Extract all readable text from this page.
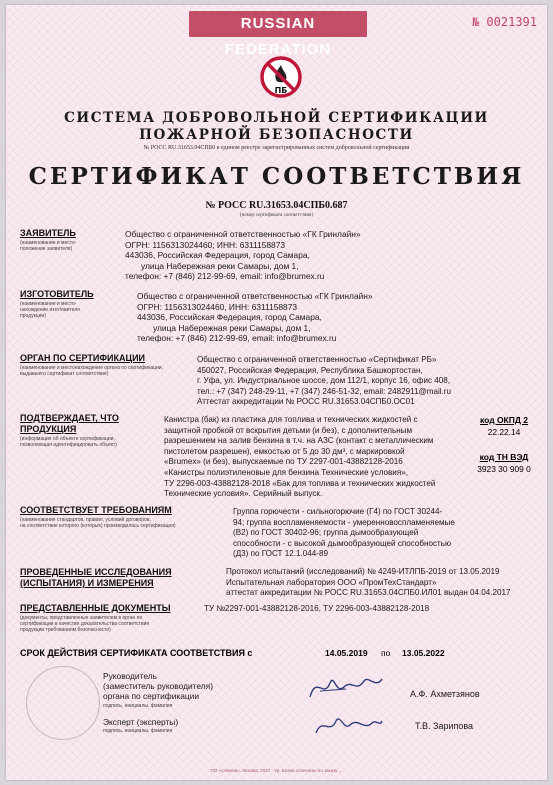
RUSSIAN FEDERATION
№ 0021391
ПБ
СИСТЕМА ДОБРОВОЛЬНОЙ СЕРТИФИКАЦИИ
ПОЖАРНОЙ БЕЗОПАСНОСТИ
№ РОСС RU.31653.04СПБ0 в едином реестре зарегистрированных систем добровольной сертификации
СЕРТИФИКАТ СООТВЕТСТВИЯ
№ РОСС RU.31653.04СПБ0.687
(номер сертификата соответствия)
ЗАЯВИТЕЛЬ
(наименование и место-
положение заявителя)
Общество с ограниченной ответственностью «ГК Гринлайн»
ОГРН: 1156313024460; ИНН: 6311158873
443036, Российская Федерация, город Самара,
улица Набережная реки Самары, дом 1,
телефон: +7 (846) 212-99-69, email: info@brumex.ru
ИЗГОТОВИТЕЛЬ
(наименование и место-
нахождение изготовителя
продукции)
Общество с ограниченной ответственностью «ГК Гринлайн»
ОГРН: 1156313024460, ИНН: 6311158873
443036, Российская Федерация, город Самара,
улица Набережная реки Самары, дом 1,
телефон: +7 (846) 212-99-69, email: info@brumex.ru
ОРГАН ПО СЕРТИФИКАЦИИ
(наименование и местонахождение органа по сертификации,
выдавшего сертификат соответствия)
Общество с ограниченной ответственностью «Сертификат РБ»
450027, Российская Федерация, Республика Башкортостан,
г. Уфа, ул. Индустриальное шоссе, дом 112/1, корпус 16, офис 408,
тел.: +7 (347) 248-29-11, +7 (347) 246-51-32, email: 2482911@mail.ru
Аттестат аккредитации № РОСС RU.31653.04СПБ0.ОС01
ПОДТВЕРЖДАЕТ, ЧТО
ПРОДУКЦИЯ
(информация об объекте сертификации,
позволяющая идентифицировать объект)
Канистра (бак) из пластика для топлива и технических жидкостей с
защитной пробкой от вскрытия детьми (и без), с дополнительным
разрешением на залив бензина в т.ч. на АЗС (контакт с металлическим
пистолетом разрешен), емкостью от 5 до 30 дм³, с маркировкой
«Brumex» (и без), выпускаемые по ТУ 2297-001-43882128-2016
«Канистры полиэтиленовые для бензина Технические условия»,
ТУ 2296-003-43882128-2018 «Бак для топлива и технических жидкостей
Технические условия». Серийный выпуск.
код ОКПД 2
22.22.14
код ТН ВЭД
3923 30 909 0
СООТВЕТСТВУЕТ ТРЕБОВАНИЯМ
(наименование стандартов, правил, условий договоров,
на соответствие которого (которых) производилась сертификация)
Группа горючести - сильногорючие (Г4) по ГОСТ 30244-
94; группа воспламеняемости - умеренновоспламеняемые
(В2) по ГОСТ 30402-96; группа дымообразующей
способности - с высокой дымообразующей способностью
(Д3) по ГОСТ 12.1.044-89
ПРОВЕДЕННЫЕ ИССЛЕДОВАНИЯ
(ИСПЫТАНИЯ) И ИЗМЕРЕНИЯ
Протокол испытаний (исследований) № 4249-ИТЛПБ-2019 от 13.05.2019
Испытательная лаборатория ООО «ПромТехСтандарт»
аттестат аккредитации № РОСС RU.31653.04СПБ0.ИЛ01 выдан 04.04.2017
ПРЕДСТАВЛЕННЫЕ ДОКУМЕНТЫ
(документы, представленные заявителем в орган по
сертификации в качестве доказательства соответствия
продукции требованиям безопасности)
ТУ №2297-001-43882128-2016, ТУ 2296-003-43882128-2018
СРОК ДЕЙСТВИЯ СЕРТИФИКАТА СООТВЕТСТВИЯ с	14.05.2019 по 13.05.2022
Руководитель
(заместитель руководителя)
органа по сертификации
подпись, инициалы, фамилия
А.Ф. Ахметзянов
Эксперт (эксперты)
подпись, инициалы, фамилия	Т.В. Зарипова
ПО «Семена», Москва, 2017 · Ур. Бланк отпечатан по заказу ...
